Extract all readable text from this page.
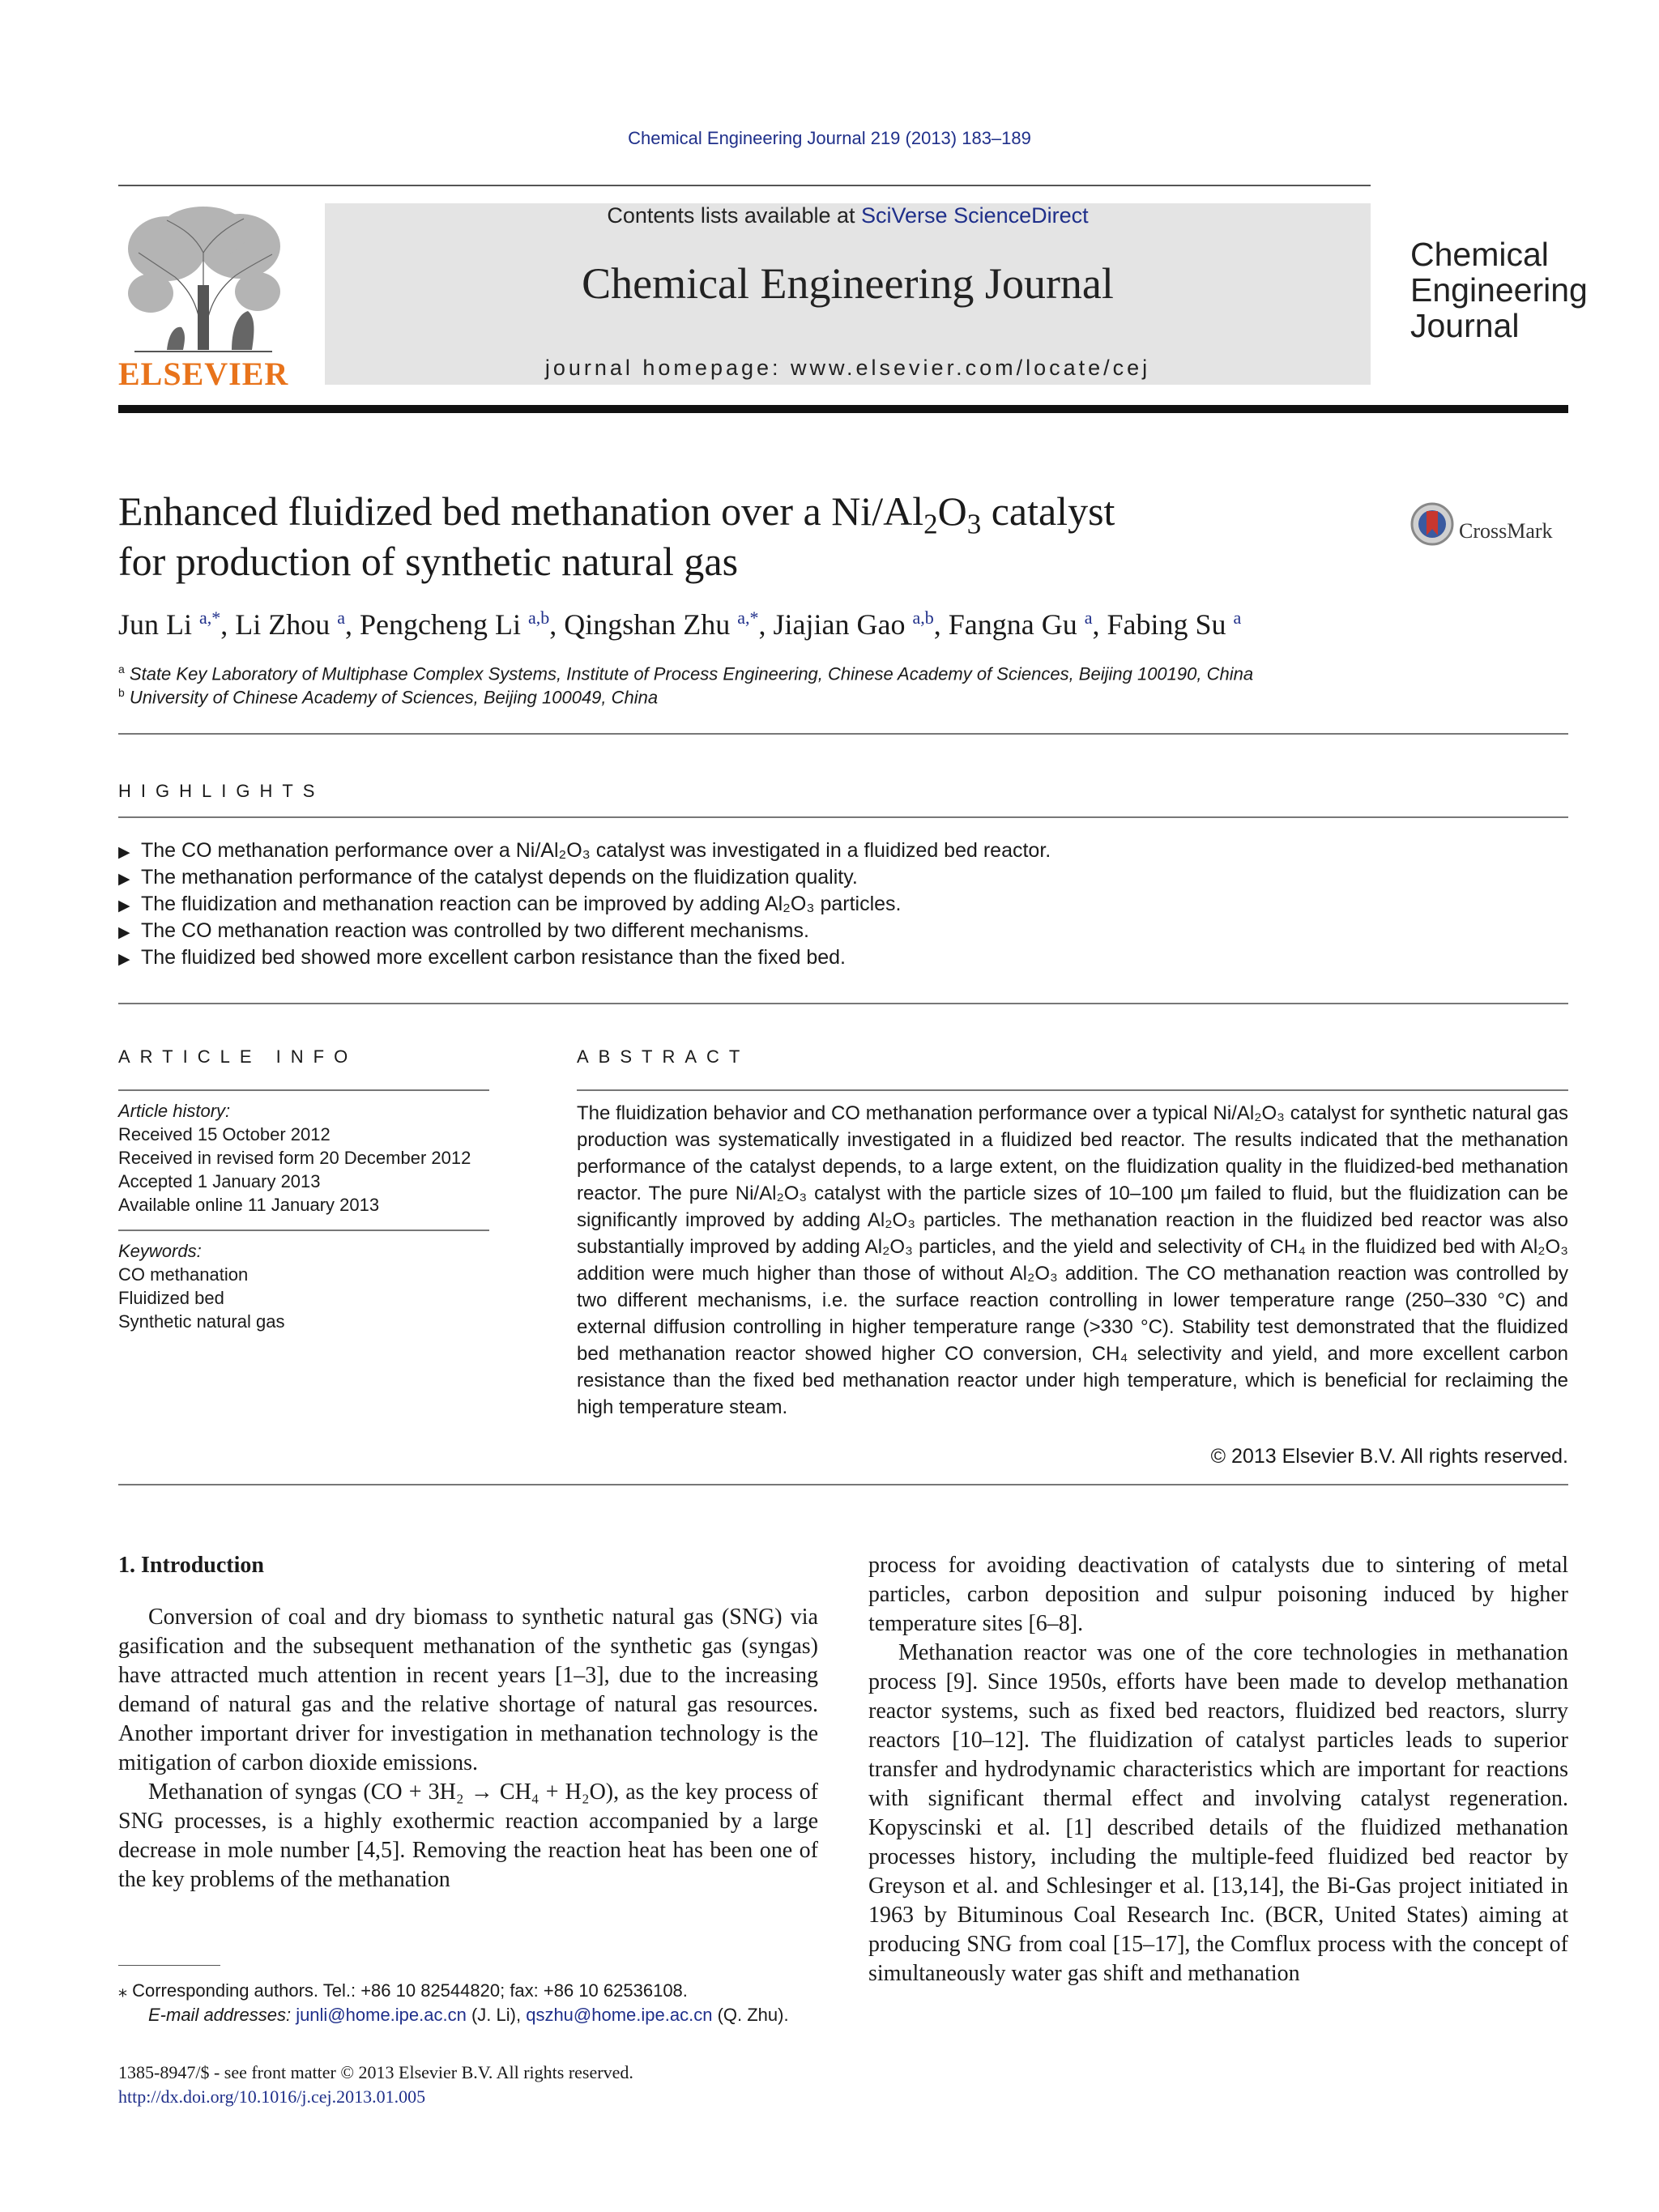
Chemical Engineering Journal 219 (2013) 183–189
ELSEVIER
Contents lists available at SciVerse ScienceDirect
Chemical Engineering Journal
journal homepage: www.elsevier.com/locate/cej
Chemical
Engineering
Journal
Enhanced fluidized bed methanation over a $Ni/Al_2O_3$ catalyst
for production of synthetic natural gas
CrossMark
Jun Li $^{a,*}$, Li Zhou $^a$, Pengcheng Li $^{a,b}$, Qingshan Zhu $^{a,*}$, Jiajian Gao $^{a,b}$, Fangna Gu $^a$, Fabing Su $^a$
$^a$ State Key Laboratory of Multiphase Complex Systems, Institute of Process Engineering, Chinese Academy of Sciences, Beijing 100190, China
$^b$ University of Chinese Academy of Sciences, Beijing 100049, China
HIGHLIGHTS
▶ The CO methanation performance over a Ni/Al₂O₃ catalyst was investigated in a fluidized bed reactor.
▶ The methanation performance of the catalyst depends on the fluidization quality.
▶ The fluidization and methanation reaction can be improved by adding Al₂O₃ particles.
▶ The CO methanation reaction was controlled by two different mechanisms.
▶ The fluidized bed showed more excellent carbon resistance than the fixed bed.
ARTICLE INFO	ABSTRACT
Article history:
Received 15 October 2012
Received in revised form 20 December 2012
Accepted 1 January 2013
Available online 11 January 2013
Keywords:
CO methanation
Fluidized bed
Synthetic natural gas
The fluidization behavior and CO methanation performance over a typical Ni/Al₂O₃ catalyst for synthetic natural gas production was systematically investigated in a fluidized bed reactor. The results indicated that the methanation performance of the catalyst depends, to a large extent, on the fluidization quality in the fluidized-bed methanation reactor. The pure Ni/Al₂O₃ catalyst with the particle sizes of 10–100 μm failed to fluid, but the fluidization can be significantly improved by adding Al₂O₃ particles. The methanation reaction in the fluidized bed reactor was also substantially improved by adding Al₂O₃ particles, and the yield and selectivity of CH₄ in the fluidized bed with Al₂O₃ addition were much higher than those of without Al₂O₃ addition. The CO methanation reaction was controlled by two different mechanisms, i.e. the surface reaction controlling in lower temperature range (250–330 °C) and external diffusion controlling in higher temperature range (>330 °C). Stability test demonstrated that the fluidized bed methanation reactor showed higher CO conversion, CH₄ selectivity and yield, and more excellent carbon resistance than the fixed bed methanation reactor under high temperature, which is beneficial for reclaiming the high temperature steam.
© 2013 Elsevier B.V. All rights reserved.

1. Introduction

Conversion of coal and dry biomass to synthetic natural gas (SNG) via gasification and the subsequent methanation of the synthetic gas (syngas) have attracted much attention in recent years [1–3], due to the increasing demand of natural gas and the relative shortage of natural gas resources. Another important driver for investigation in methanation technology is the mitigation of carbon dioxide emissions.

Methanation of syngas (CO + 3H₂ → CH₄ + H₂O), as the key process of SNG processes, is a highly exothermic reaction accompanied by a large decrease in mole number [4,5]. Removing the reaction heat has been one of the key problems of the methanation

process for avoiding deactivation of catalysts due to sintering of metal particles, carbon deposition and sulpur poisoning induced by higher temperature sites [6–8].

Methanation reactor was one of the core technologies in methanation process [9]. Since 1950s, efforts have been made to develop methanation reactor systems, such as fixed bed reactors, fluidized bed reactors, slurry reactors [10–12]. The fluidization of catalyst particles leads to superior transfer and hydrodynamic characteristics which are important for reactions with significant thermal effect and involving catalyst regeneration. Kopyscinski et al. [1] described details of the fluidized methanation processes history, including the multiple-feed fluidized bed reactor by Greyson et al. and Schlesinger et al. [13,14], the Bi-Gas project initiated in 1963 by Bituminous Coal Research Inc. (BCR, United States) aiming at producing SNG from coal [15–17], the Comflux process with the concept of simultaneously water gas shift and methanation

⁎ Corresponding authors. Tel.: +86 10 82544820; fax: +86 10 62536108.
E-mail addresses: junli@home.ipe.ac.cn (J. Li), qszhu@home.ipe.ac.cn (Q. Zhu).
1385-8947/$ - see front matter © 2013 Elsevier B.V. All rights reserved.
http://dx.doi.org/10.1016/j.cej.2013.01.005
